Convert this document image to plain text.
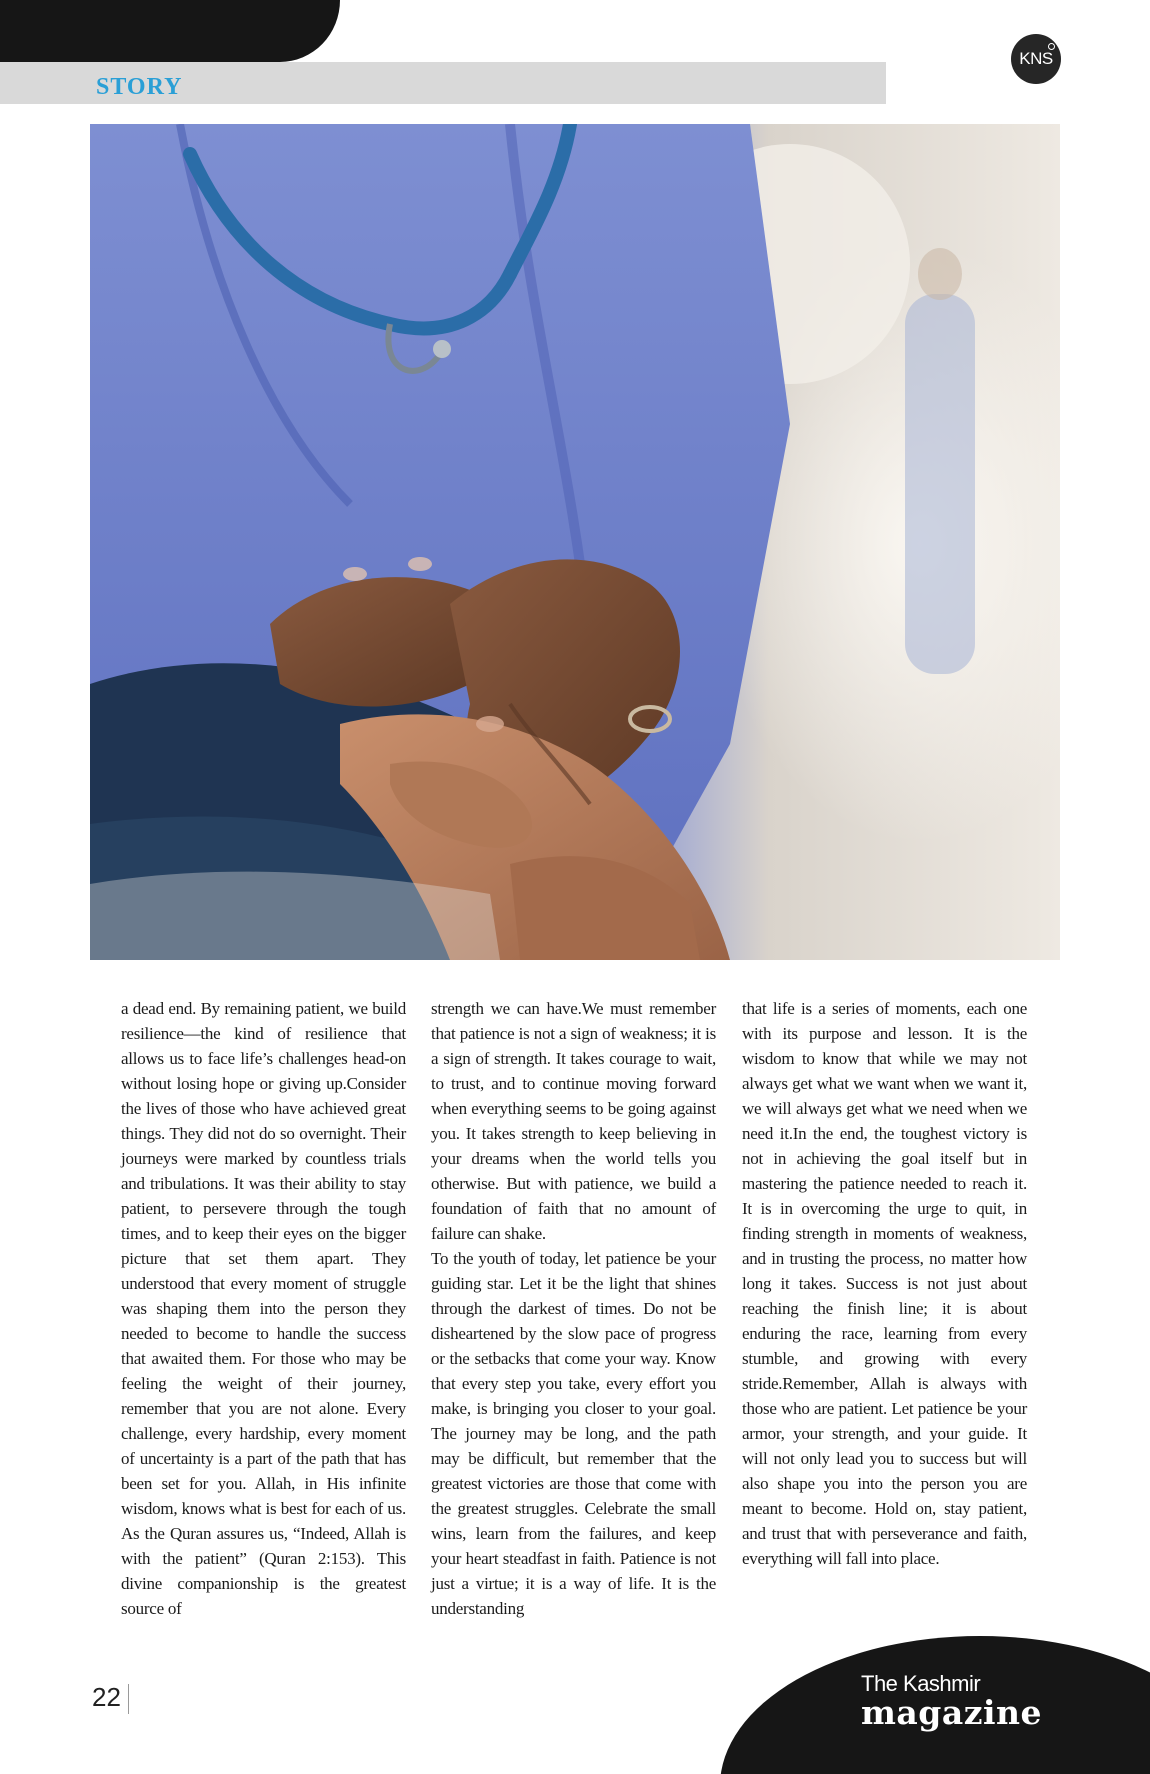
STORY
KNS

a dead end. By remaining patient, we build resilience—the kind of resilience that allows us to face life’s challenges head-on without losing hope or giving up.Consider the lives of those who have achieved great things. They did not do so overnight. Their journeys were marked by countless trials and tribulations. It was their ability to stay patient, to persevere through the tough times, and to keep their eyes on the bigger picture that set them apart. They understood that every moment of struggle was shaping them into the person they needed to become to handle the success that awaited them. For those who may be feeling the weight of their journey, remember that you are not alone. Every challenge, every hardship, every moment of uncertainty is a part of the path that has been set for you. Allah, in His infinite wisdom, knows what is best for each of us. As the Quran assures us, “Indeed, Allah is with the patient” (Quran 2:153). This divine companionship is the greatest source of

strength we can have.We must remember that patience is not a sign of weakness; it is a sign of strength. It takes courage to wait, to trust, and to continue moving forward when everything seems to be going against you. It takes strength to keep believing in your dreams when the world tells you otherwise. But with patience, we build a foundation of faith that no amount of failure can shake.

To the youth of today, let patience be your guiding star. Let it be the light that shines through the darkest of times. Do not be disheartened by the slow pace of progress or the setbacks that come your way. Know that every step you take, every effort you make, is bringing you closer to your goal. The journey may be long, and the path may be difficult, but remember that the greatest victories are those that come with the greatest struggles. Celebrate the small wins, learn from the failures, and keep your heart steadfast in faith. Patience is not just a virtue; it is a way of life. It is the understanding

that life is a series of moments, each one with its purpose and lesson. It is the wisdom to know that while we may not always get what we want when we want it, we will always get what we need when we need it.In the end, the toughest victory is not in achieving the goal itself but in mastering the patience needed to reach it. It is in overcoming the urge to quit, in finding strength in moments of weakness, and in trusting the process, no matter how long it takes. Success is not just about reaching the finish line; it is about enduring the race, learning from every stumble, and growing with every stride.Remember, Allah is always with those who are patient. Let patience be your armor, your strength, and your guide. It will not only lead you to success but will also shape you into the person you are meant to become. Hold on, stay patient, and trust that with perseverance and faith, everything will fall into place.

22	The Kashmir
magazine
